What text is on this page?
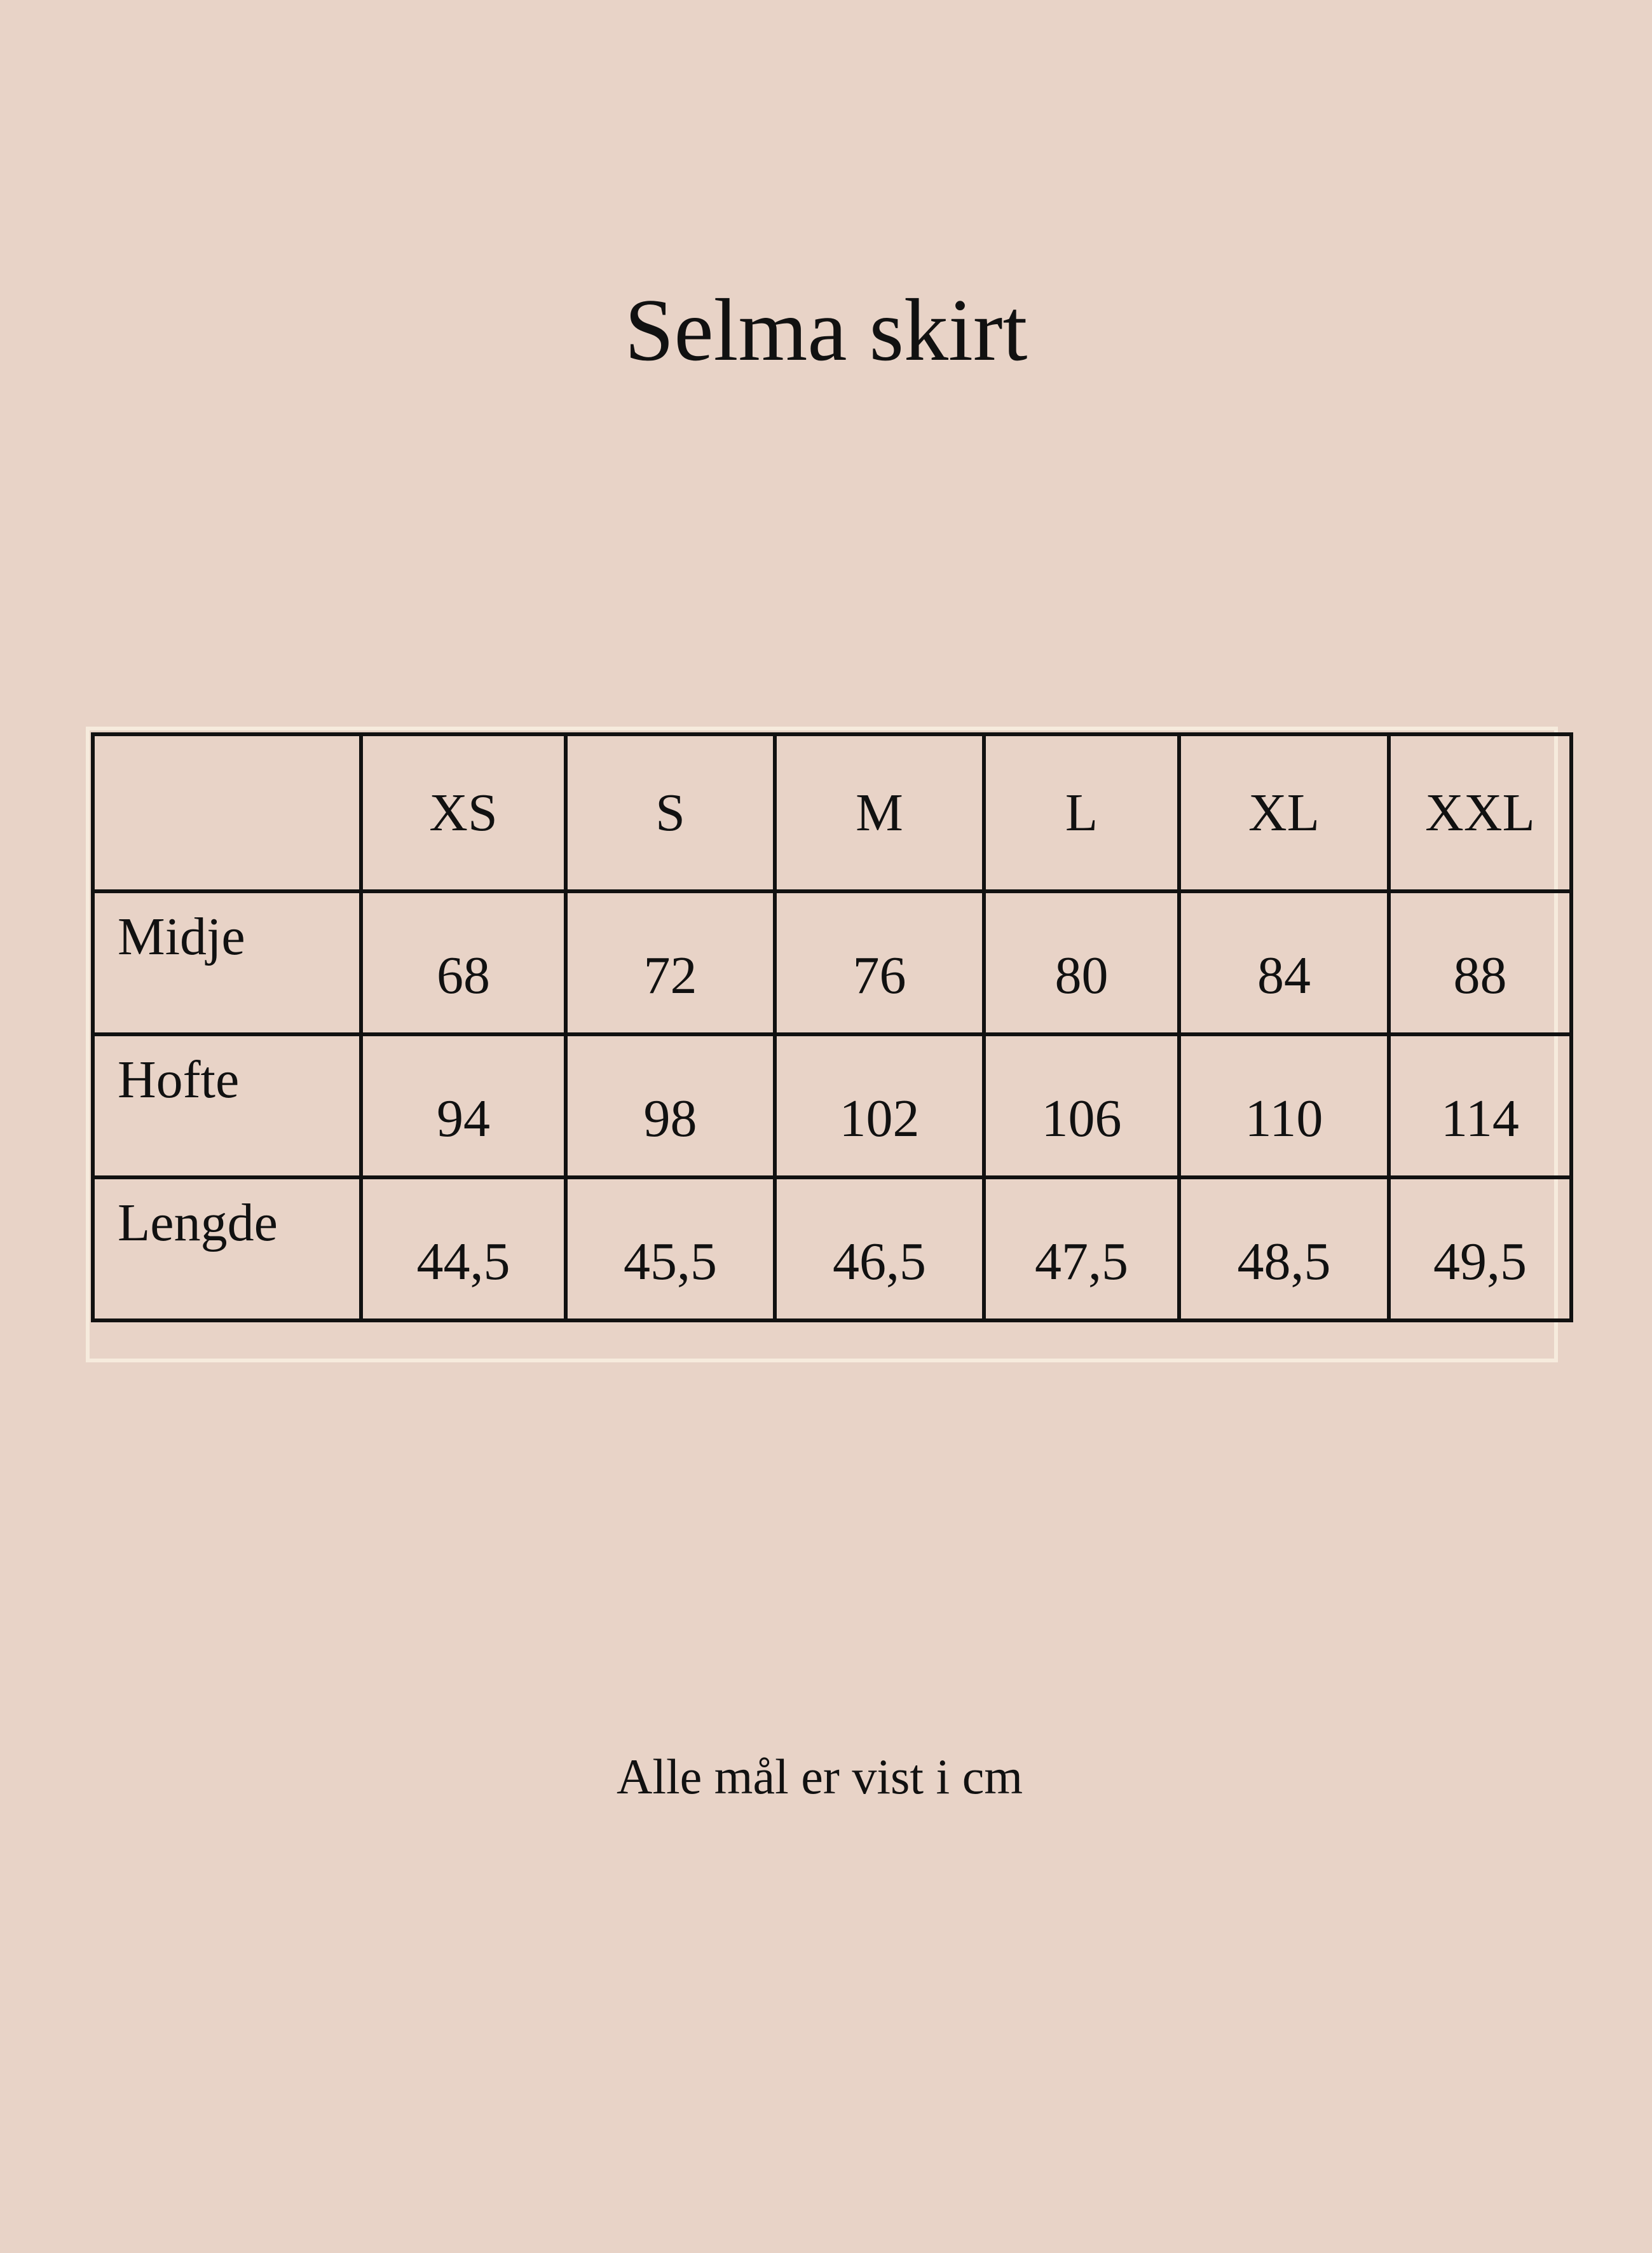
Selma skirt
	XS	S	M	L	XL	XXL
Midje	68	72	76	80	84	88
Hofte	94	98	102	106	110	114
Lengde	44,5	45,5	46,5	47,5	48,5	49,5
Alle mål er vist i cm
